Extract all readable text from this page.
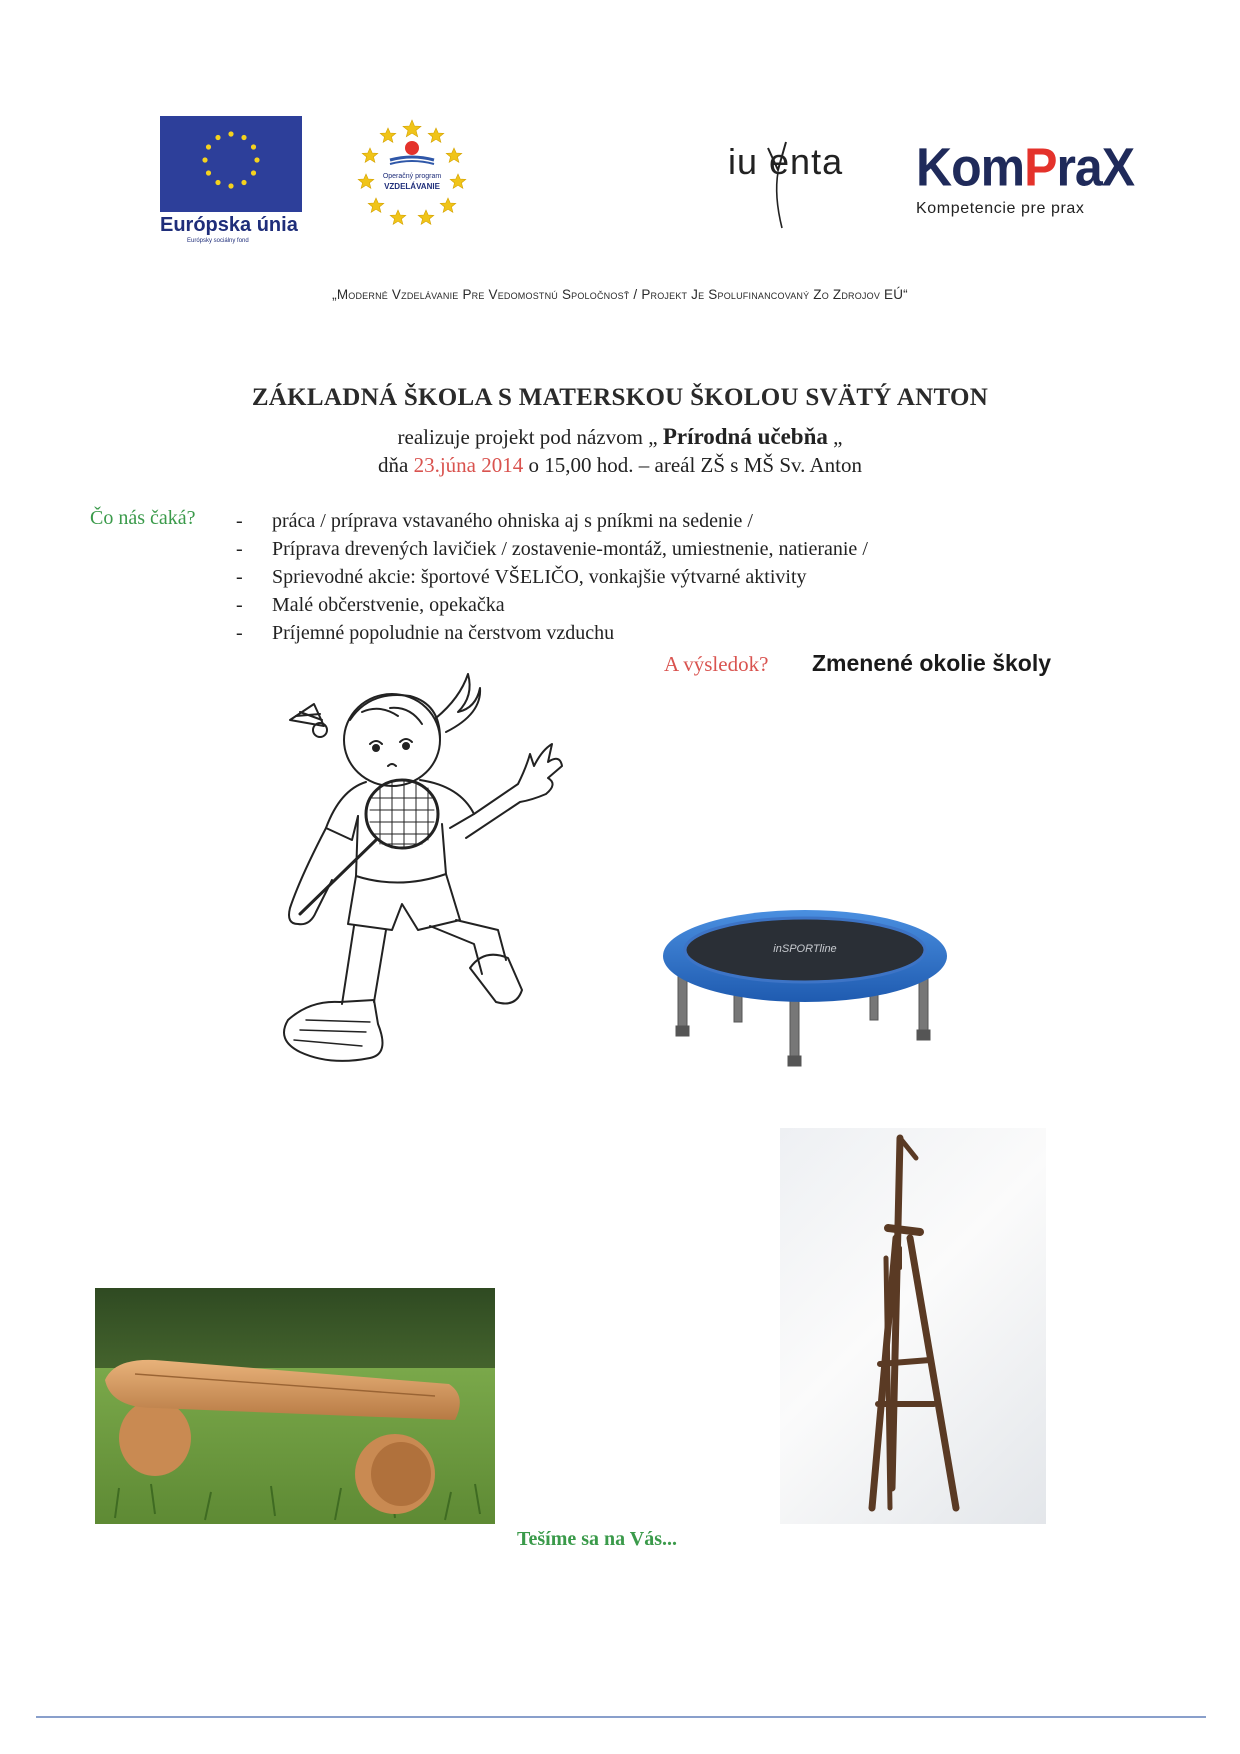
Európska únia
Európsky sociálny fond
Operačný program
VZDELÁVANIE
iu enta KomPraX
Kompetencie pre prax
„Moderné Vzdelávanie Pre Vedomostnú Spoločnosť / Projekt Je Spolufinancovaný Zo Zdrojov EÚ“
ZÁKLADNÁ ŠKOLA S MATERSKOU ŠKOLOU SVÄTÝ ANTON
realizuje projekt pod názvom „ Prírodná učebňa „
dňa 23.júna 2014 o 15,00 hod. – areál ZŠ s MŠ Sv. Anton
Čo nás čaká? -	práca / príprava vstavaného ohniska aj s pníkmi na sedenie /
-	Príprava drevených lavičiek / zostavenie-montáž, umiestnenie, natieranie /
-	Sprievodné akcie: športové VŠELIČO, vonkajšie výtvarné aktivity
-	Malé občerstvenie, opekačka
-	Príjemné popoludnie na čerstvom vzduchu
A výsledok? Zmenené okolie školy
inSPORTline
Tešíme sa na Vás...
